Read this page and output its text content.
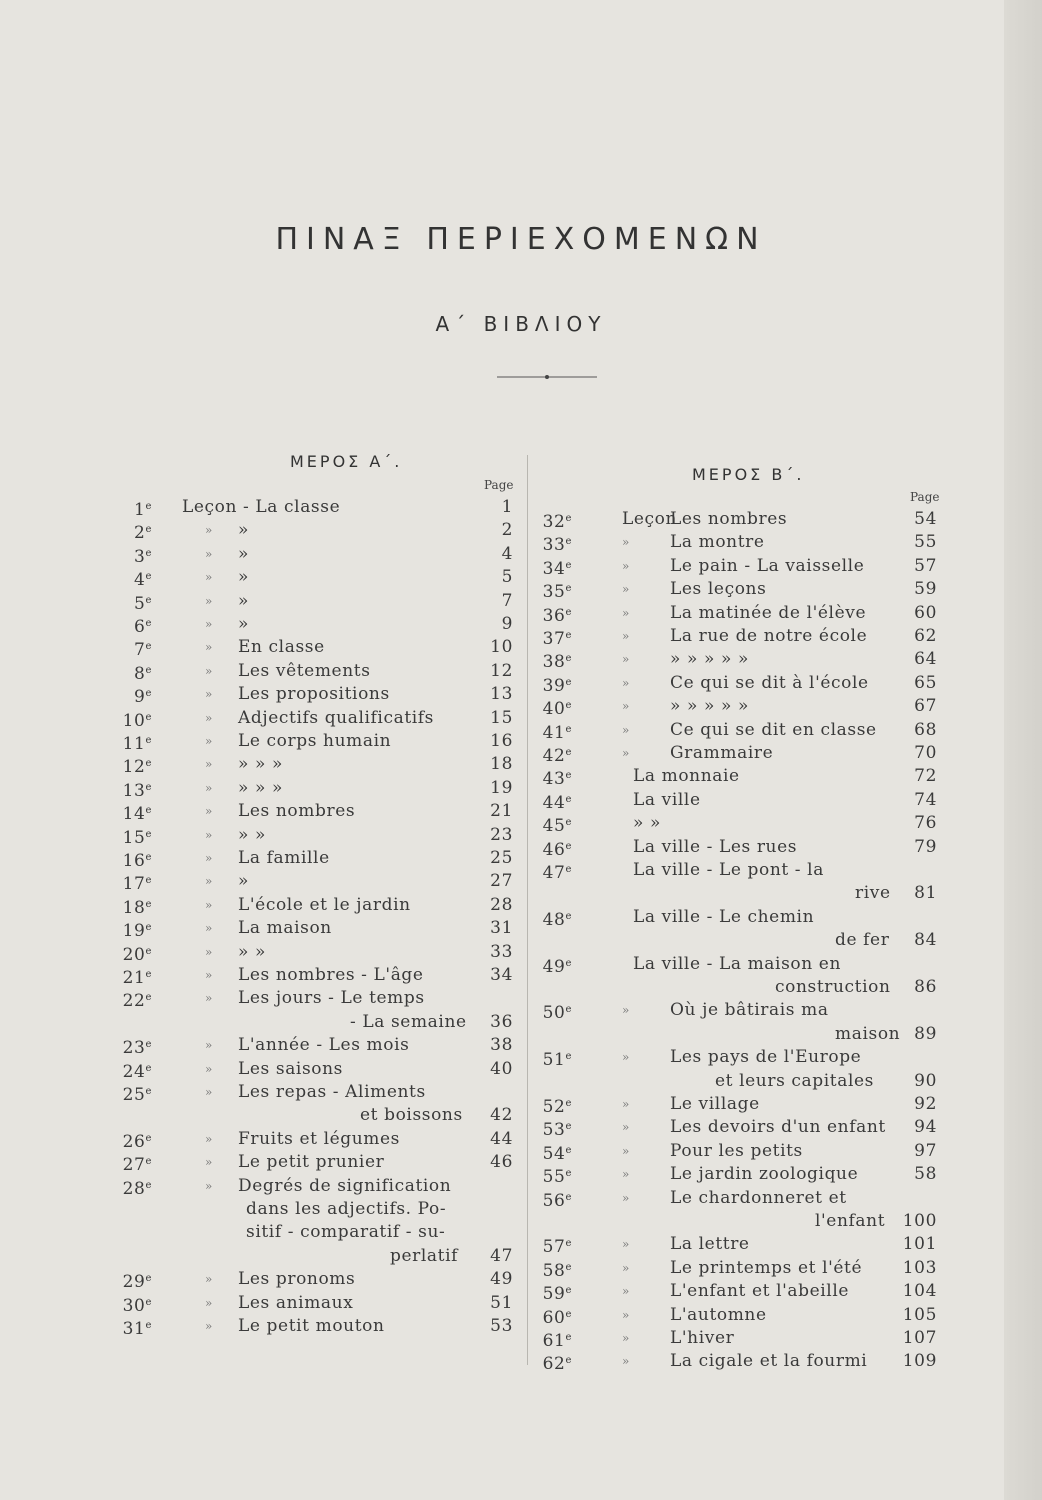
ΠΙΝΑΞ ΠΕΡΙΕΧΟΜΕΝΩΝ
Α΄ ΒΙΒΛΙΟΥ
ΜΕΡΟΣ Α΄.
Page
ΜΕΡΟΣ Β΄.
Page
1e Leçon - La classe	1
2e	» »	2
3e	» »	4
4e	» »	5
5e	» »	7
6e	» »	9
7e	» En classe	10
8e	» Les vêtements	12
9e	» Les propositions	13
10e	» Adjectifs qualificatifs	15
11e	» Le corps humain	16
12e	» » » »	18
13e	» » » »	19
14e	» Les nombres	21
15e	» » »	23
16e	» La famille	25
17e	» »	27
18e	» L'école et le jardin	28
19e	» La maison	31
20e	» » »	33
21e	» Les nombres - L'âge	34
22e	» Les jours - Le temps
- La semaine	36
23e	» L'année - Les mois	38
24e	» Les saisons	40
25e	» Les repas - Aliments
et boissons	42
26e	» Fruits et légumes	44
27e	» Le petit prunier	46
28e	» Degrés de signification
dans les adjectifs. Po-
sitif - comparatif - su-
perlatif	47
29e	» Les pronoms	49
30e	» Les animaux	51
31e	» Le petit mouton	53
32e	Leçon
Les nombres	54
33e	» La montre	55
34e	» Le pain - La vaisselle	57
35e	» Les leçons	59
36e	» La matinée de l'élève	60
37e	» La rue de notre école	62
38e	» » » » » »	64
39e	» Ce qui se dit à l'école	65
40e	» » » » » »	67
41e	» Ce qui se dit en classe	68
42e	» Grammaire	70
43e	La monnaie	72
44e	La ville	74
45e	» »	76
46e	La ville - Les rues	79
47e	La ville - Le pont - la
rive	81
48e	La ville - Le chemin
de fer	84
49e	La ville - La maison en
construction	86
50e	» Où je bâtirais ma
maison 89
51e	» Les pays de l'Europe
et leurs capitales	90
52e	» Le village	92
53e	» Les devoirs d'un enfant	94
54e	» Pour les petits	97
55e	» Le jardin zoologique	58
56e	» Le chardonneret et
l'enfant	100
57e	» La lettre	101
58e	» Le printemps et l'été	103
59e	» L'enfant et l'abeille	104
60e	» L'automne	105
61e	» L'hiver	107
62e	» La cigale et la fourmi	109
